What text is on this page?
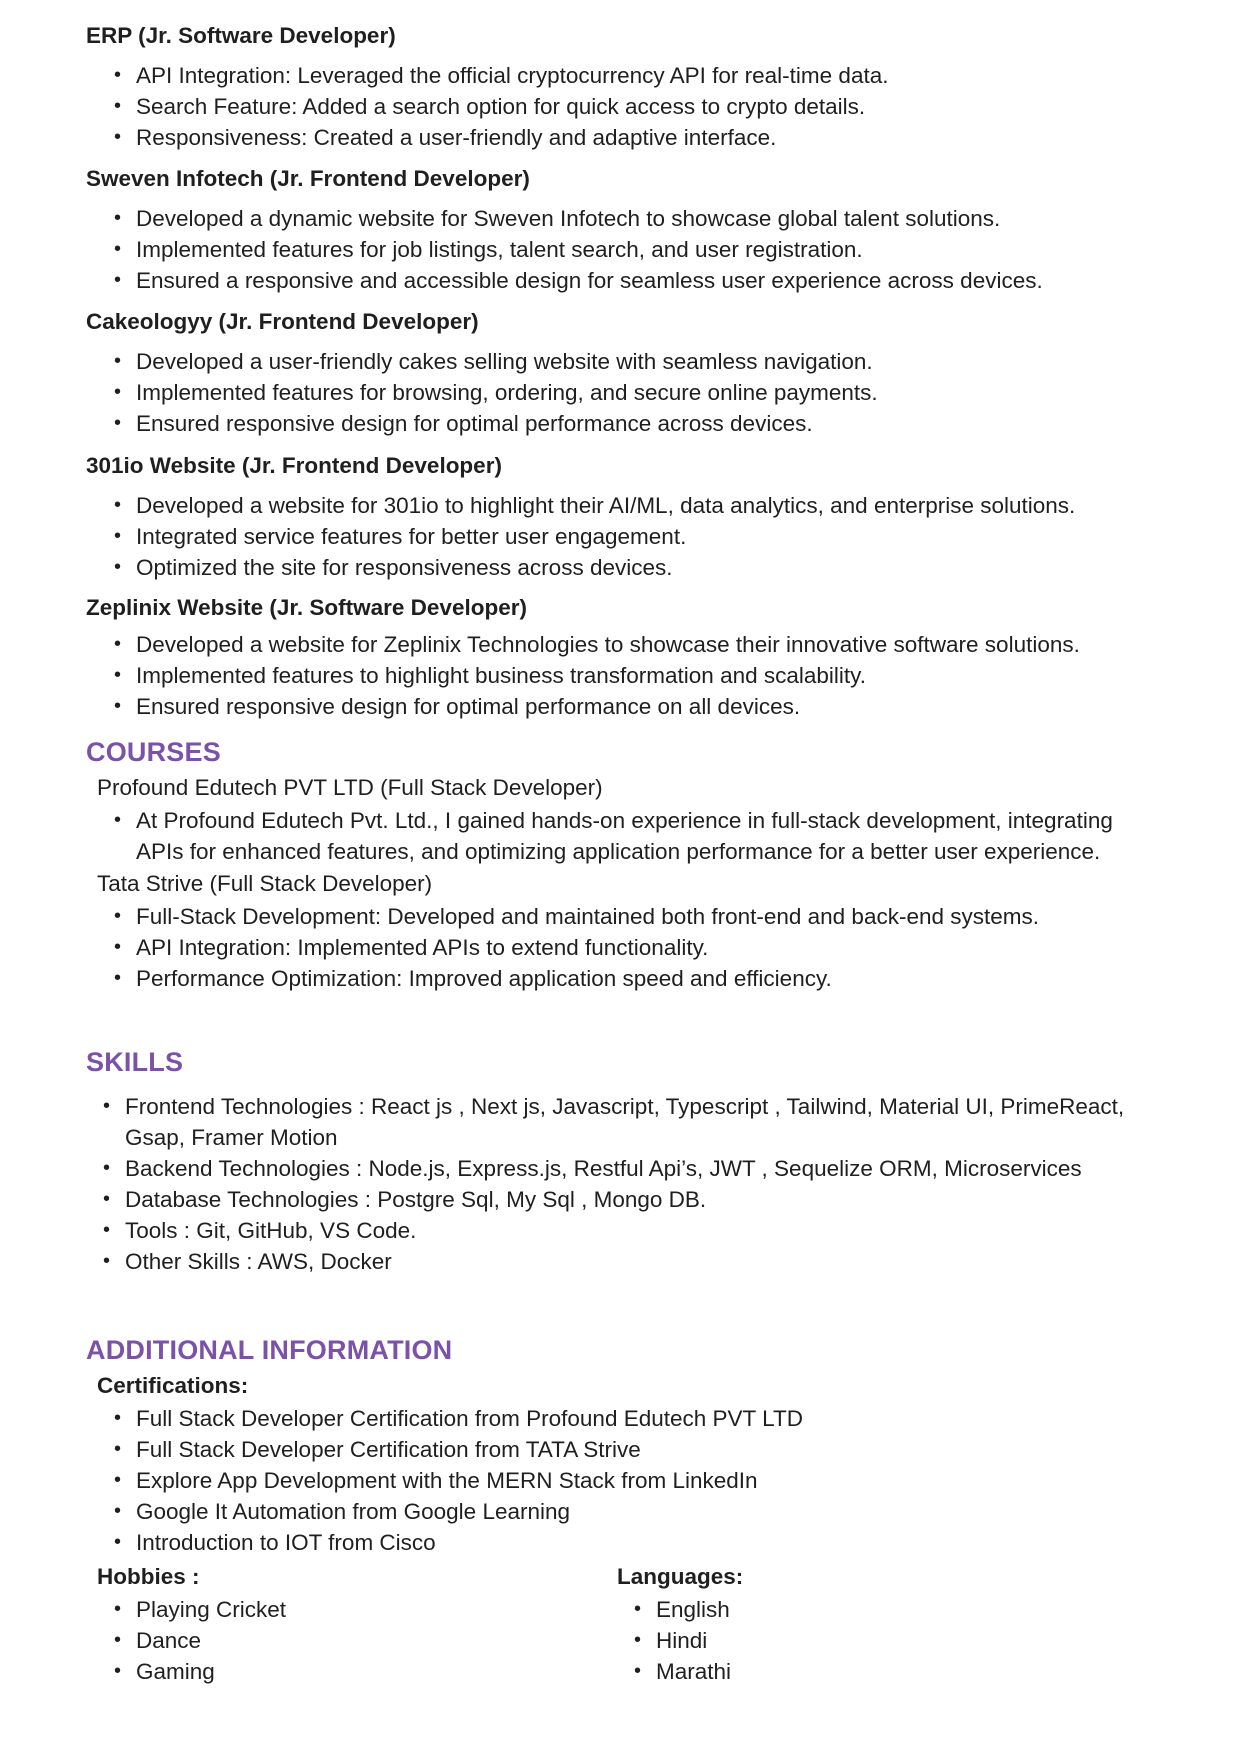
ERP (Jr. Software Developer)

• API Integration: Leveraged the official cryptocurrency API for real-time data.
• Search Feature: Added a search option for quick access to crypto details.
• Responsiveness: Created a user-friendly and adaptive interface.

Sweven Infotech (Jr. Frontend Developer)

• Developed a dynamic website for Sweven Infotech to showcase global talent solutions.
• Implemented features for job listings, talent search, and user registration.
• Ensured a responsive and accessible design for seamless user experience across devices.

Cakeologyy (Jr. Frontend Developer)

• Developed a user-friendly cakes selling website with seamless navigation.
• Implemented features for browsing, ordering, and secure online payments.
• Ensured responsive design for optimal performance across devices.

301io Website (Jr. Frontend Developer)

• Developed a website for 301io to highlight their AI/ML, data analytics, and enterprise solutions.
• Integrated service features for better user engagement.
• Optimized the site for responsiveness across devices.

Zeplinix Website (Jr. Software Developer)

• Developed a website for Zeplinix Technologies to showcase their innovative software solutions.
• Implemented features to highlight business transformation and scalability.
• Ensured responsive design for optimal performance on all devices.
COURSES

Profound Edutech PVT LTD (Full Stack Developer)

• At Profound Edutech Pvt. Ltd., I gained hands-on experience in full-stack development, integrating APIs for enhanced features, and optimizing application performance for a better user experience.

Tata Strive (Full Stack Developer)

• Full-Stack Development: Developed and maintained both front-end and back-end systems.
• API Integration: Implemented APIs to extend functionality.
• Performance Optimization: Improved application speed and efficiency.
SKILLS
• Frontend Technologies : React js , Next js, Javascript, Typescript , Tailwind, Material UI, PrimeReact, Gsap, Framer Motion
• Backend Technologies : Node.js, Express.js, Restful Api’s, JWT , Sequelize ORM, Microservices
• Database Technologies : Postgre Sql, My Sql , Mongo DB.
• Tools : Git, GitHub, VS Code.
• Other Skills : AWS, Docker
ADDITIONAL INFORMATION

Certifications:

• Full Stack Developer Certification from Profound Edutech PVT LTD
• Full Stack Developer Certification from TATA Strive
• Explore App Development with the MERN Stack from LinkedIn
• Google It Automation from Google Learning
• Introduction to IOT from Cisco

Hobbies :

• Playing Cricket
• Dance
• Gaming

Languages:

• English
• Hindi
• Marathi
